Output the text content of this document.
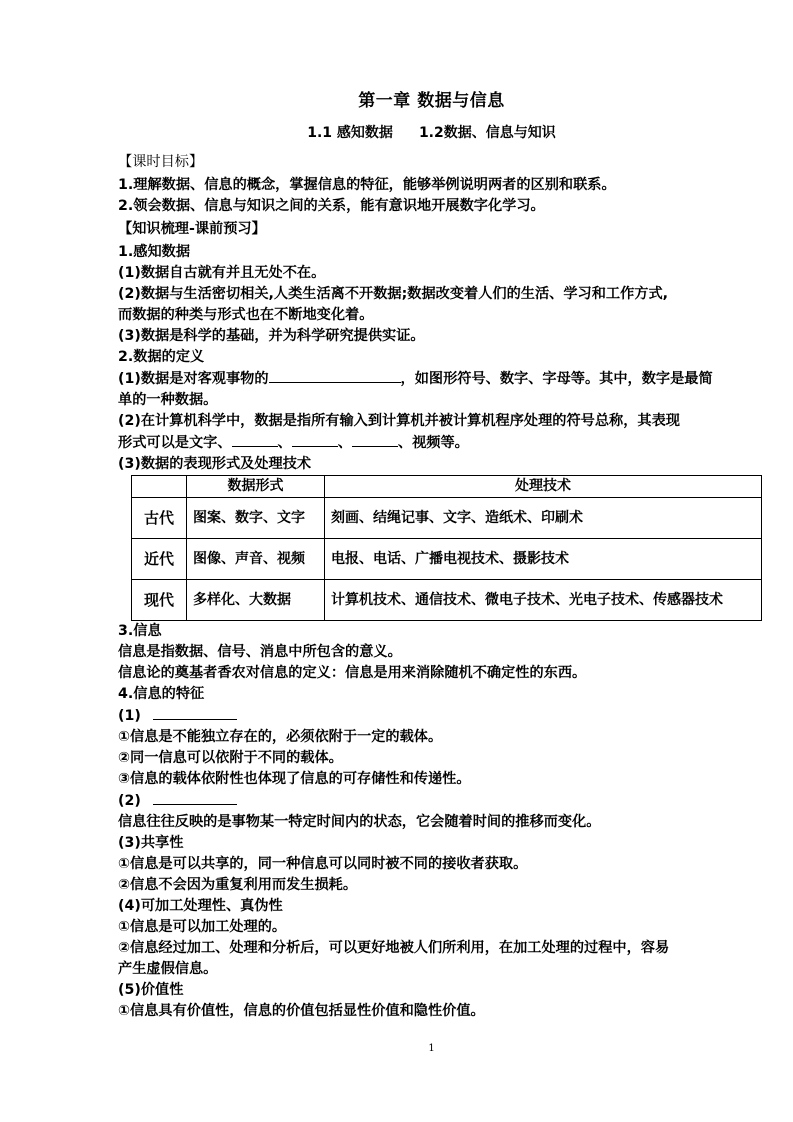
第一章 数据与信息
1.1 感知数据 1.2数据、信息与知识
【课时目标】
1.理解数据、信息的概念，掌握信息的特征，能够举例说明两者的区别和联系。
2.领会数据、信息与知识之间的关系，能有意识地开展数字化学习。
【知识梳理-课前预习】
1.感知数据
(1)数据自古就有并且无处不在。
(2)数据与生活密切相关,人类生活离不开数据;数据改变着人们的生活、学习和工作方式,
而数据的种类与形式也在不断地变化着。
(3)数据是科学的基础，并为科学研究提供实证。
2.数据的定义
(1)数据是对客观事物的	，如图形符号、数字、字母等。其中，数字是最简
单的一种数据。
(2)在计算机科学中，数据是指所有输入到计算机并被计算机程序处理的符号总称，其表现
形式可以是文字、	、	、	、视频等。
(3)数据的表现形式及处理技术
	数据形式	处理技术
古代	图案、数字、文字	刻画、结绳记事、文字、造纸术、印刷术
近代	图像、声音、视频	电报、电话、广播电视技术、摄影技术
现代	多样化、大数据	计算机技术、通信技术、微电子技术、光电子技术、传感器技术
3.信息
信息是指数据、信号、消息中所包含的意义。
信息论的奠基者香农对信息的定义：信息是用来消除随机不确定性的东西。
4.信息的特征
(1)
①信息是不能独立存在的，必须依附于一定的载体。
②同一信息可以依附于不同的载体。
③信息的载体依附性也体现了信息的可存储性和传递性。
(2)
信息往往反映的是事物某一特定时间内的状态，它会随着时间的推移而变化。
(3)共享性
①信息是可以共享的，同一种信息可以同时被不同的接收者获取。
②信息不会因为重复利用而发生损耗。
(4)可加工处理性、真伪性
①信息是可以加工处理的。
②信息经过加工、处理和分析后，可以更好地被人们所利用，在加工处理的过程中，容易
产生虚假信息。
(5)价值性
①信息具有价值性，信息的价值包括显性价值和隐性价值。
1
